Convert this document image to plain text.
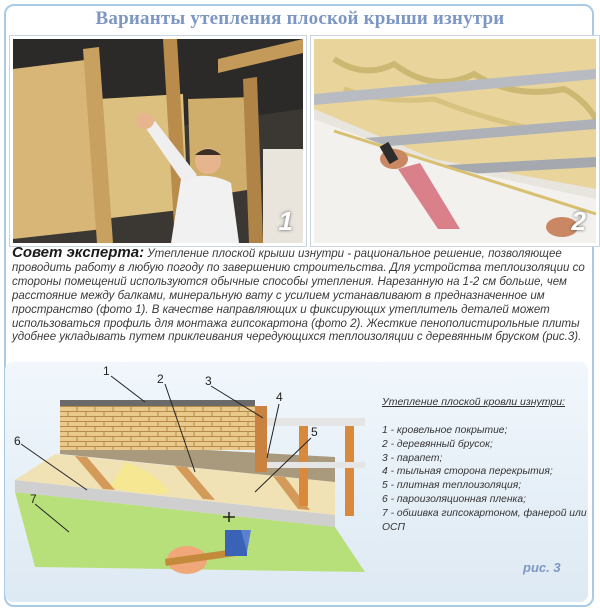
Варианты утепления плоской крыши изнутри
1	2
Совет эксперта: Утепление плоской крыши изнутри - рациональное решение, позволяющее проводить работу в любую погоду по завершению строительства. Для устройства теплоизоляции со стороны помещений используются обычные способы утепления. Нарезанную на 1-2 см больше, чем расстояние между балками, минеральную вату с усилием устанавливают в предназначенное им пространство (фото 1). В качестве направляющих и фиксирующих утеплитель деталей может использоваться профиль для монтажа гипсокартона (фото 2). Жесткие пенополистирольные плиты удобнее укладывать путем приклеивания чередующихся теплоизоляции с деревянным бруском (рис.3).
1
2	3
4
5
6
7
Утепление плоской кровли изнутри:
1 - кровельное покрытие;
2 - деревянный брусок;
3 - парапет;
4 - тыльная сторона перекрытия;
5 - плитная теплоизоляция;
6 - пароизоляционная пленка;
7 - обшивка гипсокартоном, фанерой или ОСП
рис. 3
